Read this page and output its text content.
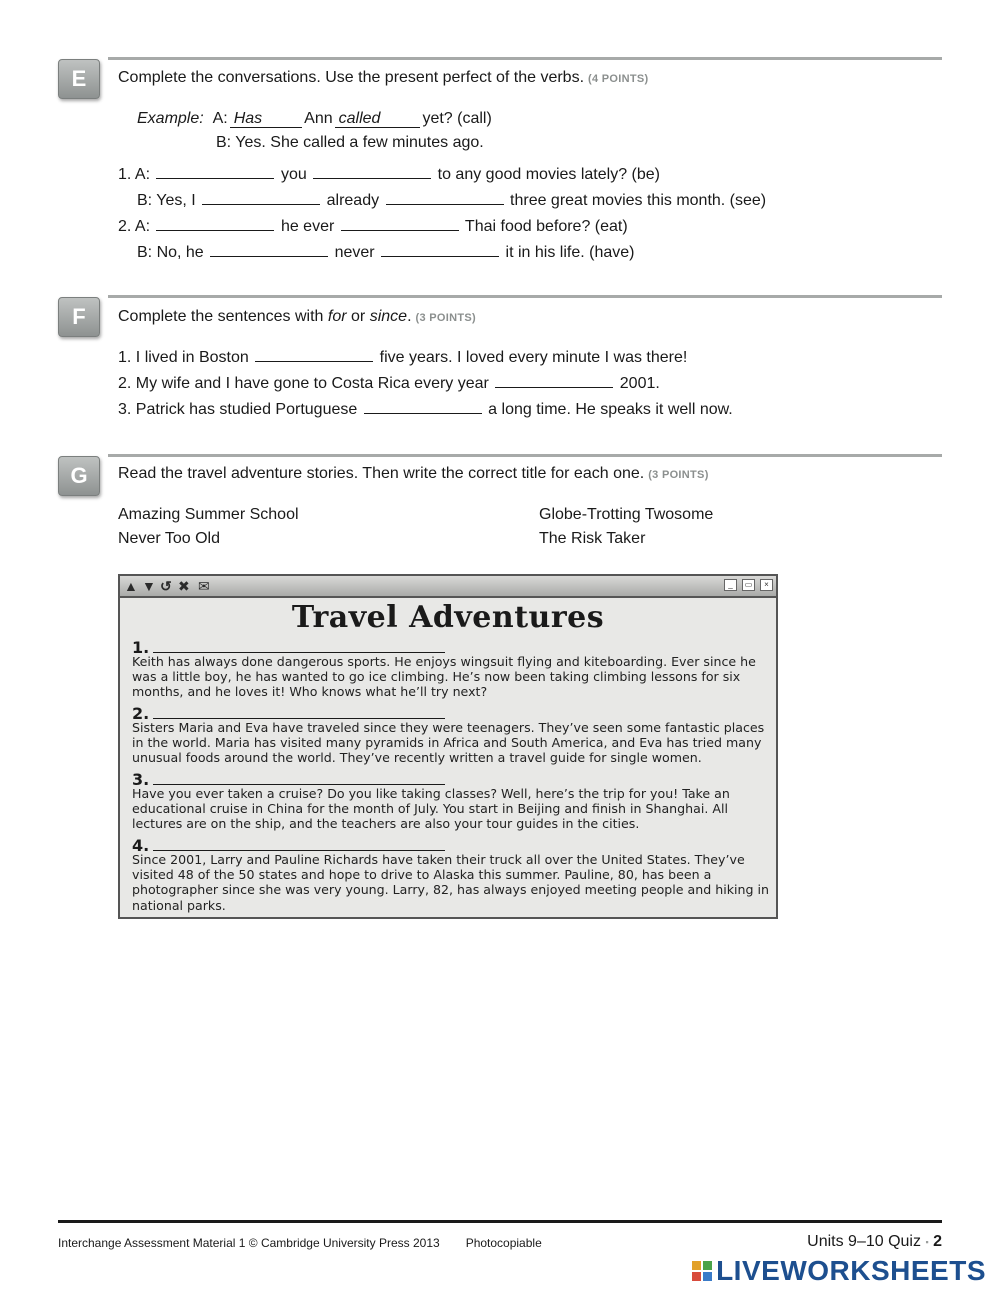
E	Complete the conversations. Use the present perfect of the verbs. (4 POINTS)
Example: A: Has	Ann called	yet? (call)
B: Yes. She called a few minutes ago.
1. A:	you	to any good movies lately? (be)
B: Yes, I	already	three great movies this month. (see)
2. A:	he ever	Thai food before? (eat)
B: No, he	never	it in his life. (have)
F	Complete the sentences with for or since. (3 POINTS)
1. I lived in Boston	five years. I loved every minute I was there!
2. My wife and I have gone to Costa Rica every year	2001.
3. Patrick has studied Portuguese	a long time. He speaks it well now.
G	Read the travel adventure stories. Then write the correct title for each one. (3 POINTS)
Amazing Summer School	Globe-Trotting Twosome
Never Too Old	The Risk Taker
▲ ▼ ↺ ✖ ✉	_	▭	×
Travel Adventures
1.
Keith has always done dangerous sports. He enjoys wingsuit flying and kiteboarding. Ever since he was a little boy, he has wanted to go ice climbing. He’s now been taking climbing lessons for six months, and he loves it! Who knows what he’ll try next?
2.
Sisters Maria and Eva have traveled since they were teenagers. They’ve seen some fantastic places in the world. Maria has visited many pyramids in Africa and South America, and Eva has tried many unusual foods around the world. They’ve recently written a travel guide for single women.
3.
Have you ever taken a cruise? Do you like taking classes? Well, here’s the trip for you! Take an educational cruise in China for the month of July. You start in Beijing and finish in Shanghai. All lectures are on the ship, and the teachers are also your tour guides in the cities.
4.
Since 2001, Larry and Pauline Richards have taken their truck all over the United States. They’ve visited 48 of the 50 states and hope to drive to Alaska this summer. Pauline, 80, has been a photographer since she was very young. Larry, 82, has always enjoyed meeting people and hiking in national parks.
Interchange Assessment Material 1 © Cambridge University Press 2013 Photocopiable	Units 9–10 Quiz ▪ 2
LIVEWORKSHEETS
